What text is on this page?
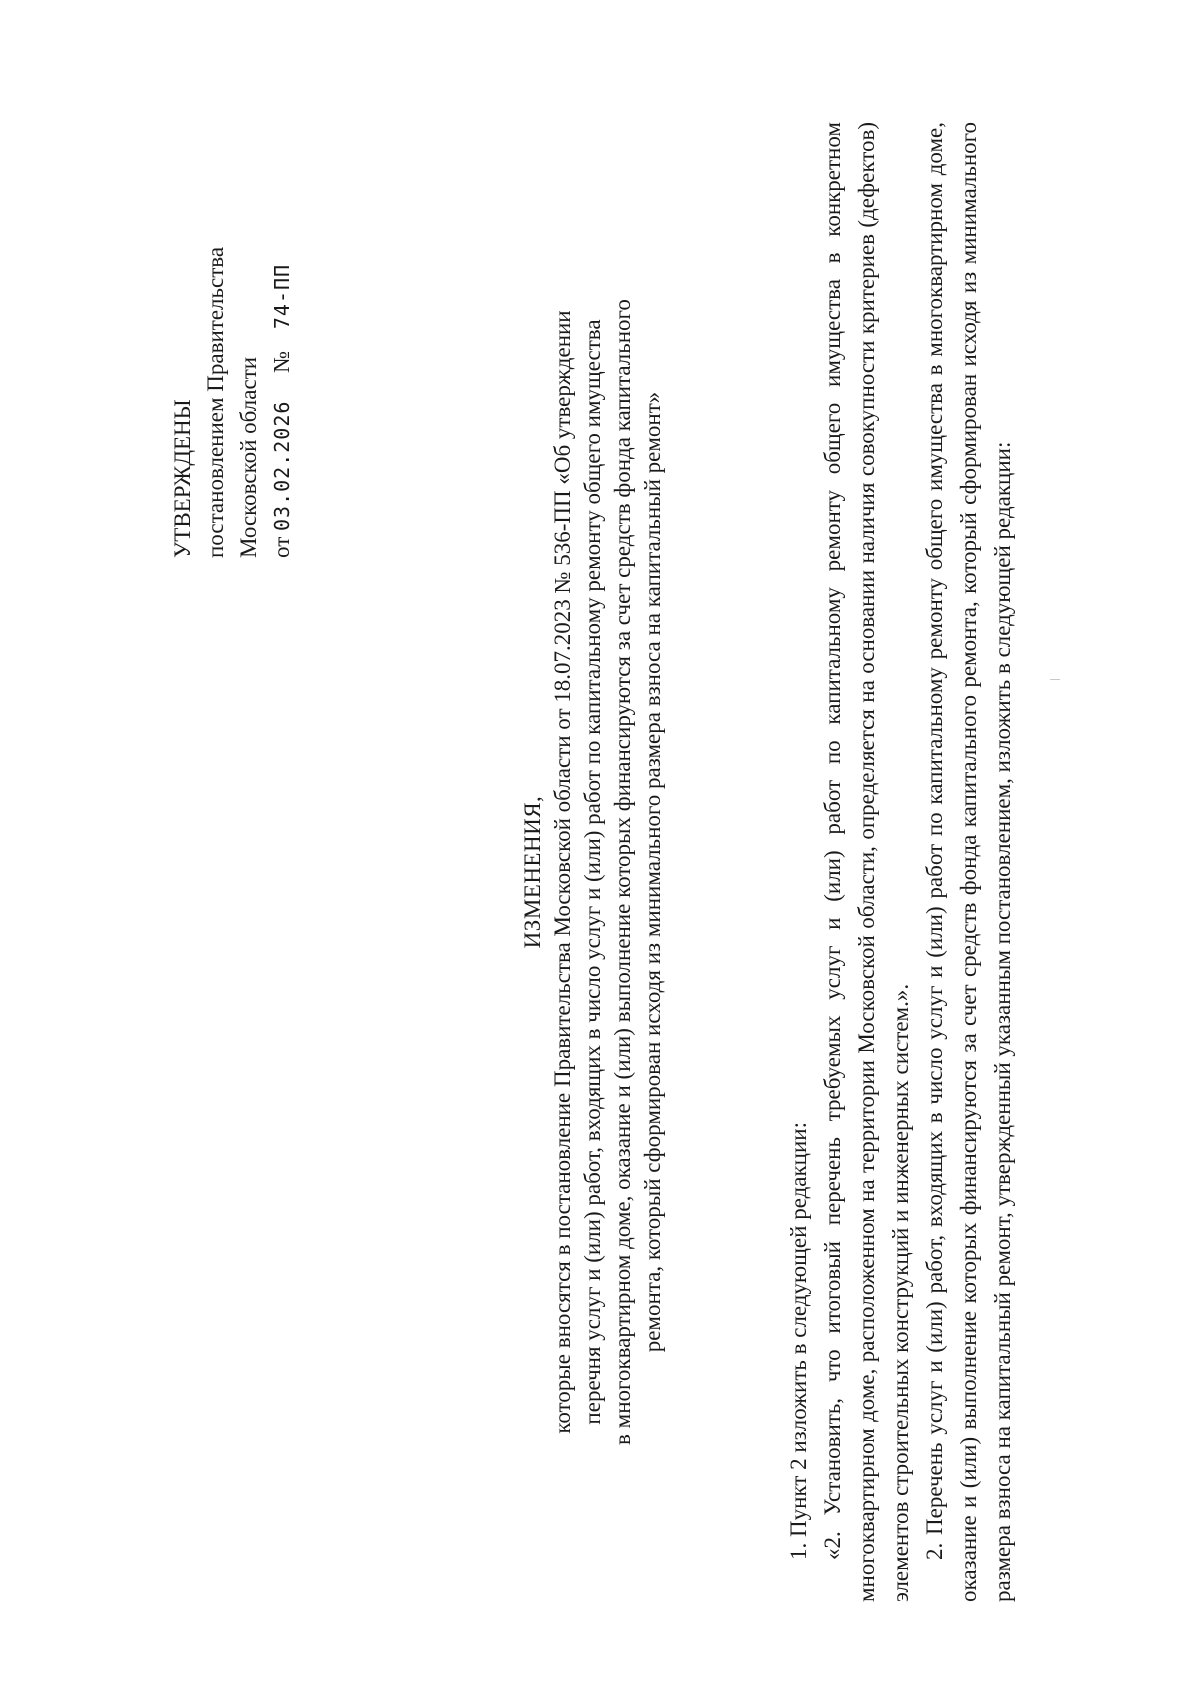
УТВЕРЖДЕНЫ постановлением Правительства Московской области от 03.02.2026 № 74-ПП
ИЗМЕНЕНИЯ, которые вносятся в постановление Правительства Московской области от 18.07.2023 № 536-ПП «Об утверждении перечня услуг и (или) работ, входящих в число услуг и (или) работ по капитальному ремонту общего имущества в многоквартирном доме, оказание и (или) выполнение которых финансируются за счет средств фонда капитального ремонта, который сформирован исходя из минимального размера взноса на капитальный ремонт»	1. Пункт 2 изложить в следующей редакции: «2. Установить, что итоговый перечень требуемых услуг и (или) работ по капитальному ремонту общего имущества в конкретном многоквартирном доме, расположенном на территории Московской области, определяется на основании наличия совокупности критериев (дефектов) элементов строительных конструкций и инженерных систем.». 2. Перечень услуг и (или) работ, входящих в число услуг и (или) работ по капитальному ремонту общего имущества в многоквартирном доме, оказание и (или) выполнение которых финансируются за счет средств фонда капитального ремонта, который сформирован исходя из минимального размера взноса на капитальный ремонт, утвержденный указанным постановлением, изложить в следующей редакции:
